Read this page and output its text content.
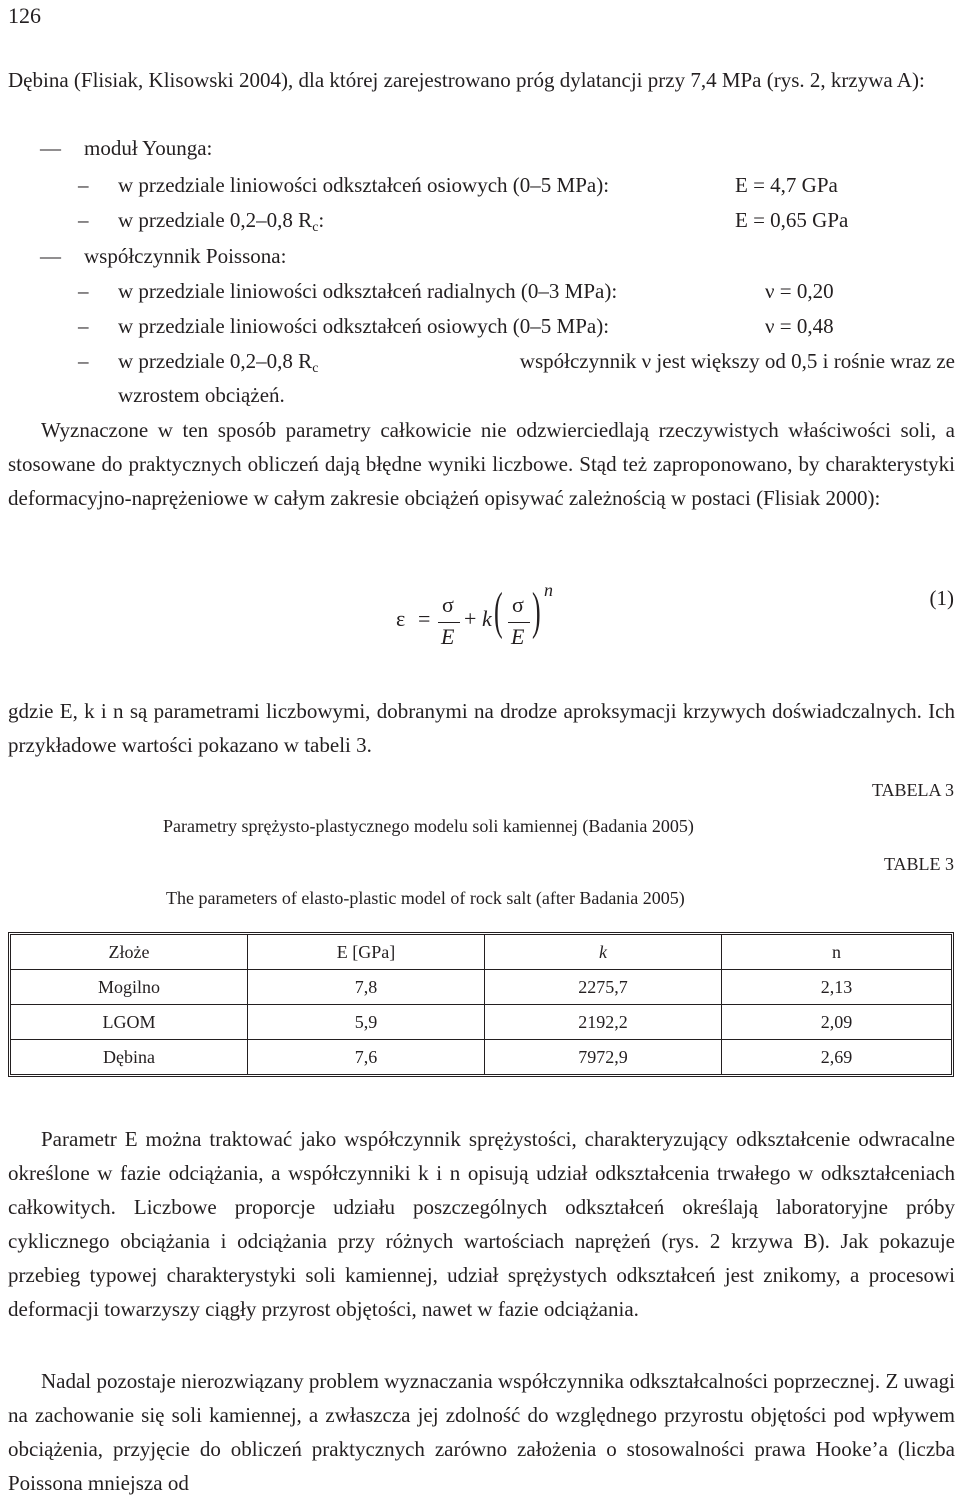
126

Dębina (Flisiak, Klisowski 2004), dla której zarejestrowano próg dylatancji przy 7,4 MPa (rys. 2, krzywa A):

— moduł Younga:
– w przedziale liniowości odkształceń osiowych (0–5 MPa):	E = 4,7 GPa
– w przedziale 0,2–0,8 $R_c$:	E = 0,65 GPa
— współczynnik Poissona:
– w przedziale liniowości odkształceń radialnych (0–3 MPa):	ν = 0,20
– w przedziale liniowości odkształceń osiowych (0–5 MPa):	ν = 0,48
– w przedziale 0,2–0,8 $R_c$	współczynnik ν jest większy od 0,5 i rośnie wraz ze
wzrostem obciążeń.

Wyznaczone w ten sposób parametry całkowicie nie odzwierciedlają rzeczywistych właściwości soli, a stosowane do praktycznych obliczeń dają błędne wyniki liczbowe. Stąd też zaproponowano, by charakterystyki deformacyjno-naprężeniowe w całym zakresie obciążeń opisywać zależnością w postaci (Flisiak 2000):

ε =
σ
E
+ k ( σ
E ) n	(1)

gdzie E, k i n są parametrami liczbowymi, dobranymi na drodze aproksymacji krzywych doświadczalnych. Ich przykładowe wartości pokazano w tabeli 3.

TABELA 3
Parametry sprężysto-plastycznego modelu soli kamiennej (Badania 2005)
TABLE 3
The parameters of elasto-plastic model of rock salt (after Badania 2005)
Złoże	E [GPa]	k	n
Mogilno	7,8	2275,7	2,13
LGOM	5,9	2192,2	2,09
Dębina	7,6	7972,9	2,69

Parametr E można traktować jako współczynnik sprężystości, charakteryzujący odkształcenie odwracalne określone w fazie odciążania, a współczynniki k i n opisują udział odkształcenia trwałego w odkształceniach całkowitych. Liczbowe proporcje udziału poszczególnych odkształceń określają laboratoryjne próby cyklicznego obciążania i odciążania przy różnych wartościach naprężeń (rys. 2 krzywa B). Jak pokazuje przebieg typowej charakterystyki soli kamiennej, udział sprężystych odkształceń jest znikomy, a procesowi deformacji towarzyszy ciągły przyrost objętości, nawet w fazie odciążania.

Nadal pozostaje nierozwiązany problem wyznaczania współczynnika odkształcalności poprzecznej. Z uwagi na zachowanie się soli kamiennej, a zwłaszcza jej zdolność do względnego przyrostu objętości pod wpływem obciążenia, przyjęcie do obliczeń praktycznych zarówno założenia o stosowalności prawa Hooke’a (liczba Poissona mniejsza od
